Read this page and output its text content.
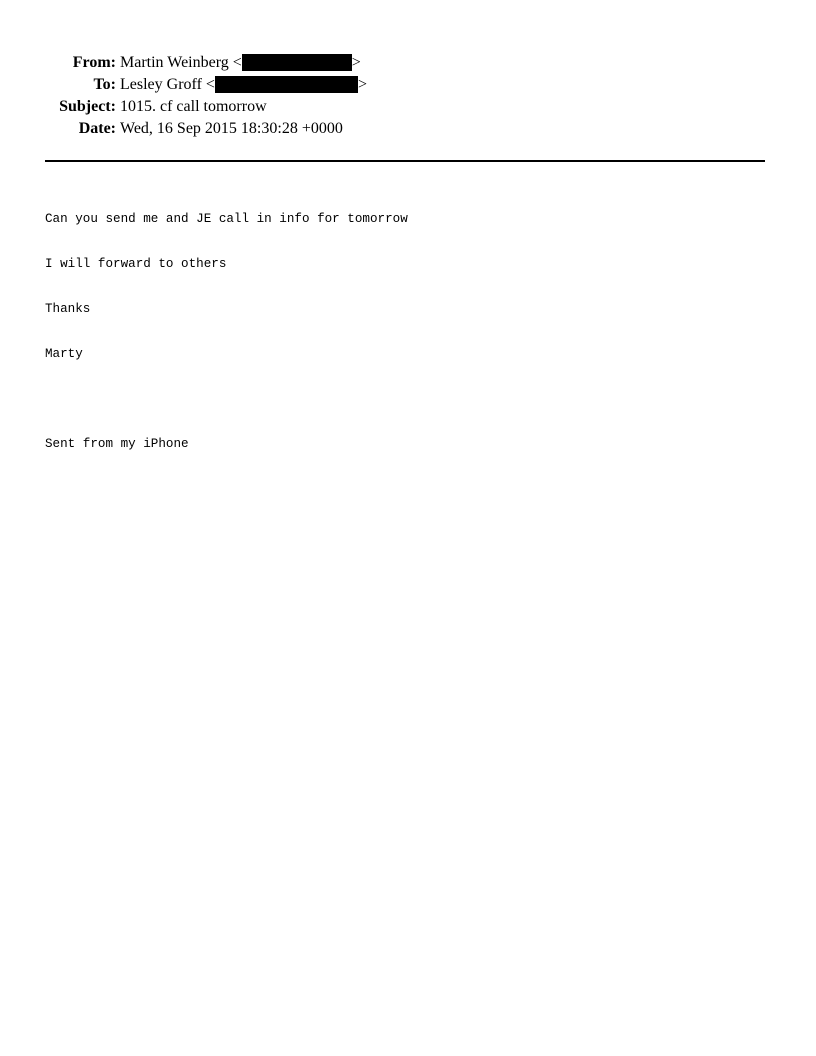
From: Martin Weinberg
<	>
To: Lesley Groff
<	>
Subject: 1015. cf call tomorrow
Date: Wed, 16 Sep 2015 18:30:28 +0000

Can you send me and JE call in info for tomorrow

I will forward to others

Thanks

Marty

Sent from my iPhone
